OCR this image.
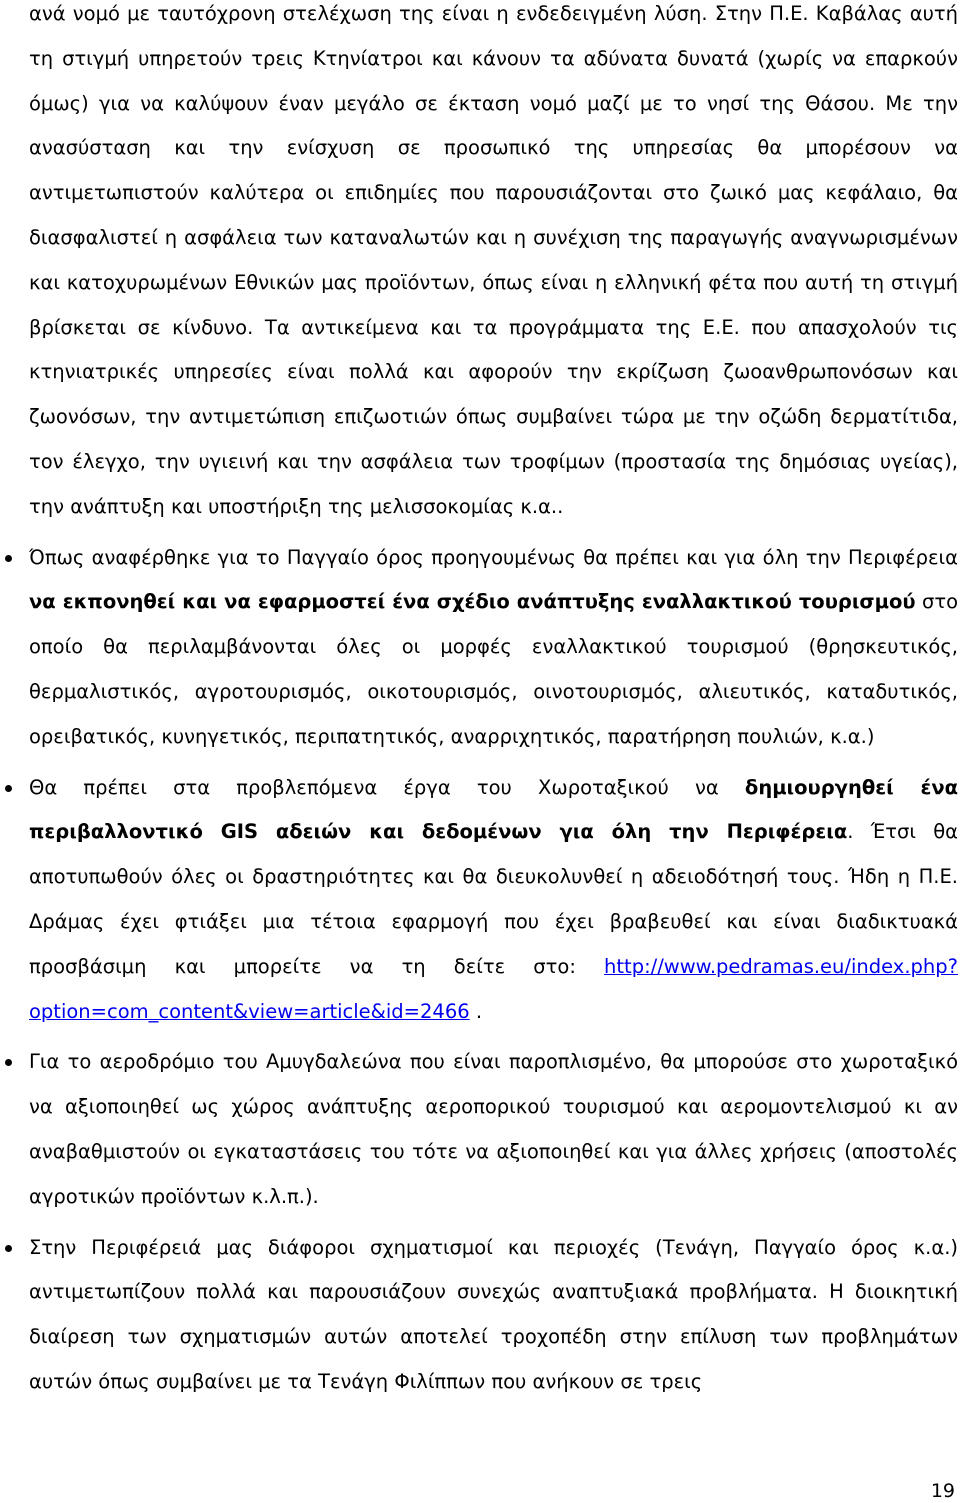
ανά νομό με ταυτόχρονη στελέχωση της είναι η ενδεδειγμένη λύση. Στην Π.Ε. Καβάλας αυτή τη στιγμή υπηρετούν τρεις Κτηνίατροι και κάνουν τα αδύνατα δυνατά (χωρίς να επαρκούν όμως) για να καλύψουν έναν μεγάλο σε έκταση νομό μαζί με το νησί της Θάσου. Με την ανασύσταση και την ενίσχυση σε προσωπικό της υπηρεσίας θα μπορέσουν να αντιμετωπιστούν καλύτερα οι επιδημίες που παρουσιάζονται στο ζωικό μας κεφάλαιο, θα διασφαλιστεί η ασφάλεια των καταναλωτών και η συνέχιση της παραγωγής αναγνωρισμένων και κατοχυρωμένων Εθνικών μας προϊόντων, όπως είναι η ελληνική φέτα που αυτή τη στιγμή βρίσκεται σε κίνδυνο. Τα αντικείμενα και τα προγράμματα της Ε.Ε. που απασχολούν τις κτηνιατρικές υπηρεσίες είναι πολλά και αφορούν την εκρίζωση ζωοανθρωπονόσων και ζωονόσων, την αντιμετώπιση επιζωοτιών όπως συμβαίνει τώρα με την οζώδη δερματίτιδα, τον έλεγχο, την υγιεινή και την ασφάλεια των τροφίμων (προστασία της δημόσιας υγείας), την ανάπτυξη και υποστήριξη της μελισσοκομίας κ.α..

Όπως αναφέρθηκε για το Παγγαίο όρος προηγουμένως θα πρέπει και για όλη την Περιφέρεια να εκπονηθεί και να εφαρμοστεί ένα σχέδιο ανάπτυξης εναλλακτικού τουρισμού στο οποίο θα περιλαμβάνονται όλες οι μορφές εναλλακτικού τουρισμού (θρησκευτικός, θερμαλιστικός, αγροτουρισμός, οικοτουρισμός, οινοτουρισμός, αλιευτικός, καταδυτικός, ορειβατικός, κυνηγετικός, περιπατητικός, αναρριχητικός, παρατήρηση πουλιών, κ.α.)

Θα πρέπει στα προβλεπόμενα έργα του Χωροταξικού να δημιουργηθεί ένα περιβαλλοντικό GIS αδειών και δεδομένων για όλη την Περιφέρεια. Έτσι θα αποτυπωθούν όλες οι δραστηριότητες και θα διευκολυνθεί η αδειοδότησή τους. Ήδη η Π.Ε. Δράμας έχει φτιάξει μια τέτοια εφαρμογή που έχει βραβευθεί και είναι διαδικτυακά προσβάσιμη και μπορείτε να τη δείτε στο: http://www.pedramas.eu/index.php?option=com_content&view=article&id=2466 .

Για το αεροδρόμιο του Αμυγδαλεώνα που είναι παροπλισμένο, θα μπορούσε στο χωροταξικό να αξιοποιηθεί ως χώρος ανάπτυξης αεροπορικού τουρισμού και αερομοντελισμού κι αν αναβαθμιστούν οι εγκαταστάσεις του τότε να αξιοποιηθεί και για άλλες χρήσεις (αποστολές αγροτικών προϊόντων κ.λ.π.).

Στην Περιφέρειά μας διάφοροι σχηματισμοί και περιοχές (Τενάγη, Παγγαίο όρος κ.α.) αντιμετωπίζουν πολλά και παρουσιάζουν συνεχώς αναπτυξιακά προβλήματα. Η διοικητική διαίρεση των σχηματισμών αυτών αποτελεί τροχοπέδη στην επίλυση των προβλημάτων αυτών όπως συμβαίνει με τα Τενάγη Φιλίππων που ανήκουν σε τρεις

19
